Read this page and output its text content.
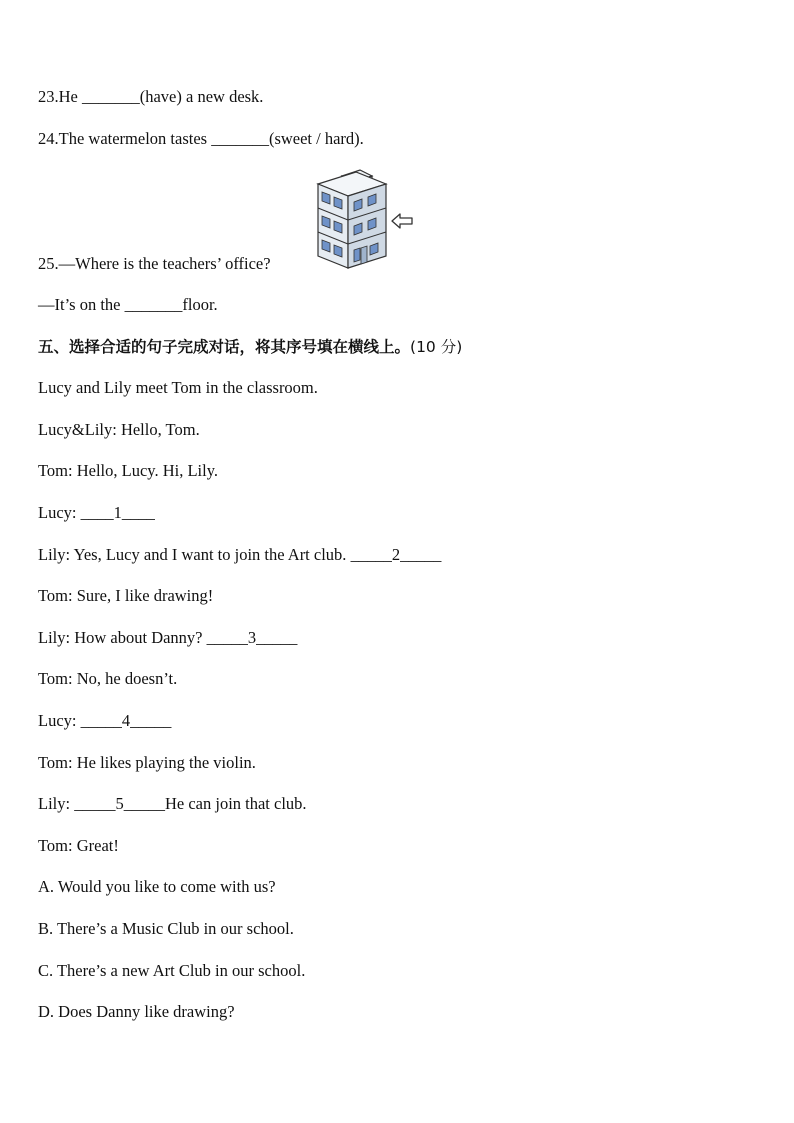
23.He _______(have) a new desk.
24.The watermelon tastes _______(sweet / hard).
25.—Where is the teachers’ office?
—It’s on the _______floor.
五、选择合适的句子完成对话，将其序号填在横线上。(10 分)
Lucy and Lily meet Tom in the classroom.
Lucy&Lily: Hello, Tom.
Tom: Hello, Lucy. Hi, Lily.
Lucy: ____1____
Lily: Yes, Lucy and I want to join the Art club. _____2_____
Tom: Sure, I like drawing!
Lily: How about Danny? _____3_____
Tom: No, he doesn’t.
Lucy: _____4_____
Tom: He likes playing the violin.
Lily: _____5_____He can join that club.
Tom: Great!
A. Would you like to come with us?
B. There’s a Music Club in our school.
C. There’s a new Art Club in our school.
D. Does Danny like drawing?
